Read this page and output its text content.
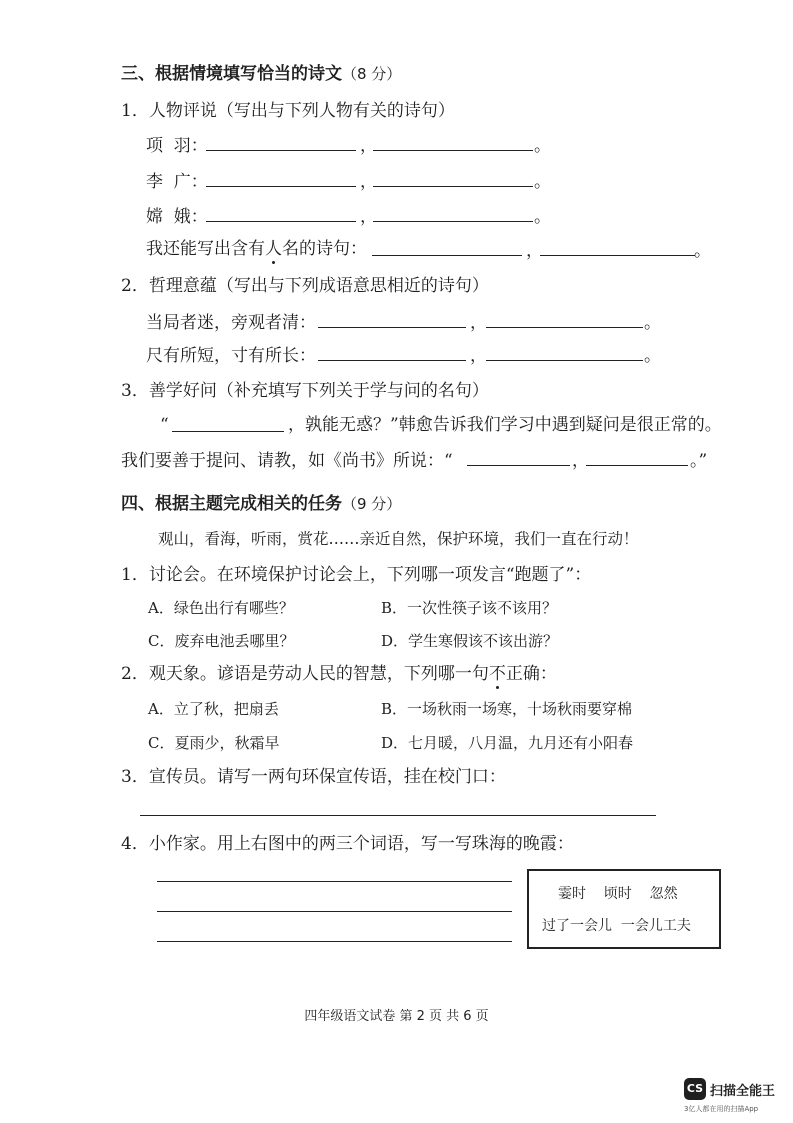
三、根据情境填写恰当的诗文（8 分）
1．人物评说（写出与下列人物有关的诗句）
项  羽：	，	。
李  广：	，	。
嫦  娥：	，	。
我还能写出含有人名的诗句：	，	。
2．哲理意蕴（写出与下列成语意思相近的诗句）
当局者迷，旁观者清：	，	。
尺有所短，寸有所长：	，	。
3．善学好问（补充填写下列关于学与问的名句）
“	，孰能无惑？”韩愈告诉我们学习中遇到疑问是很正常的。
我们要善于提问、请教，如《尚书》所说：“	，	。”
四、根据主题完成相关的任务（9 分）
观山，看海，听雨，赏花……亲近自然，保护环境，我们一直在行动！
1．讨论会。在环境保护讨论会上，下列哪一项发言“跑题了”：
A．绿色出行有哪些？	B．一次性筷子该不该用？
C．废弃电池丢哪里？	D．学生寒假该不该出游？
2．观天象。谚语是劳动人民的智慧，下列哪一句不正确：
A．立了秋，把扇丢	B．一场秋雨一场寒，十场秋雨要穿棉
C．夏雨少，秋霜早	D．七月暖，八月温，九月还有小阳春
3．宣传员。请写一两句环保宣传语，挂在校门口：
4．小作家。用上右图中的两三个词语，写一写珠海的晚霞：
霎时    顷时    忽然
过了一会儿  一会儿工夫
四年级语文试卷 第 2 页 共 6 页
CS 扫描全能王
3亿人都在用的扫描App
